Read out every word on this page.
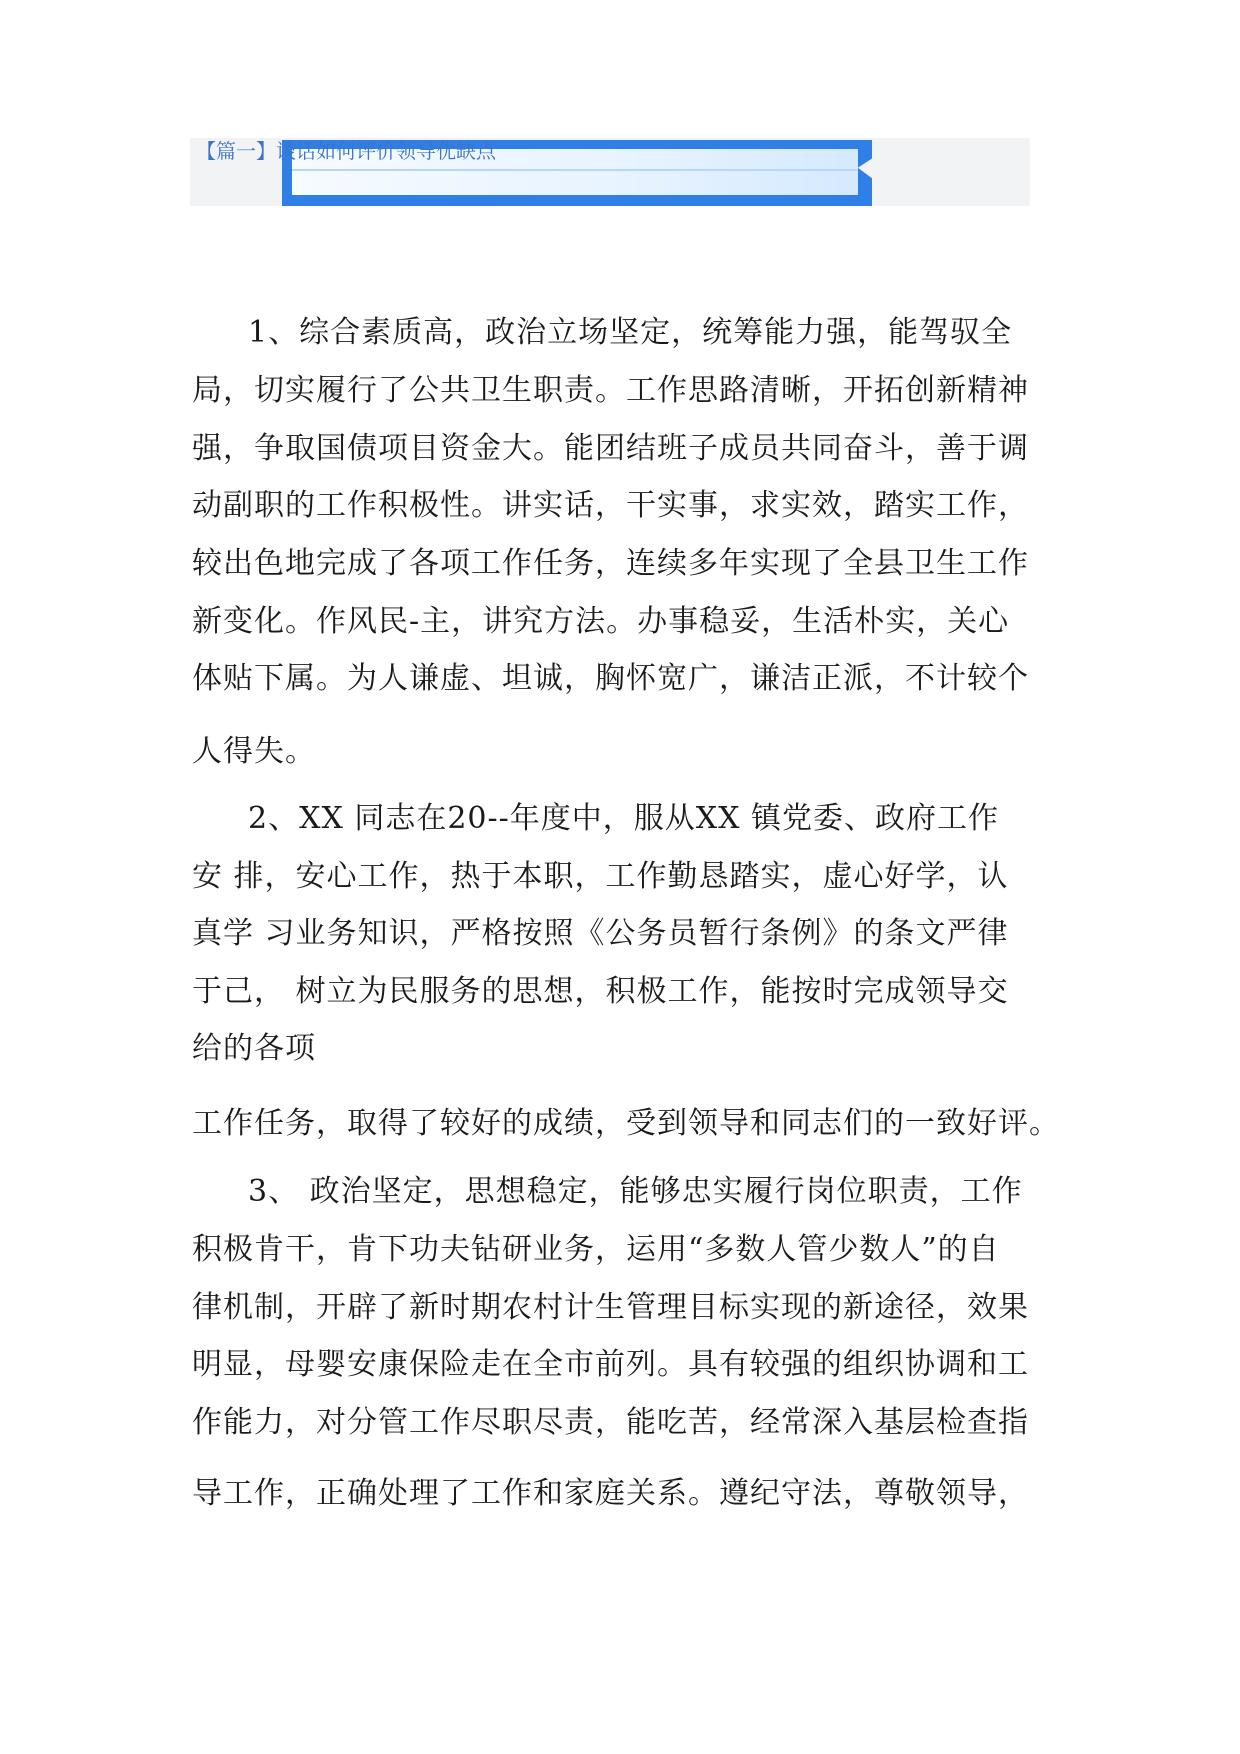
【篇一】谈话如何评价领导优缺点
1、综合素质高，政治立场坚定，统筹能力强，能驾驭全
局，切实履行了公共卫生职责。工作思路清晰，开拓创新精神
强，争取国债项目资金大。能团结班子成员共同奋斗，善于调
动副职的工作积极性。讲实话，干实事，求实效，踏实工作，
较出色地完成了各项工作任务，连续多年实现了全县卫生工作
新变化。作风民-主，讲究方法。办事稳妥，生活朴实，关心
体贴下属。为人谦虚、坦诚，胸怀宽广，谦洁正派，不计较个
人得失。
2、XX 同志在20--年度中，服从XX 镇党委、政府工作
安 排，安心工作，热于本职，工作勤恳踏实，虚心好学，认
真学 习业务知识，严格按照《公务员暂行条例》的条文严律
于己， 树立为民服务的思想，积极工作，能按时完成领导交
给的各项
工作任务，取得了较好的成绩，受到领导和同志们的一致好评。
3、 政治坚定，思想稳定，能够忠实履行岗位职责，工作
积极肯干，肯下功夫钻研业务，运用“多数人管少数人”的自
律机制，开辟了新时期农村计生管理目标实现的新途径，效果
明显，母婴安康保险走在全市前列。具有较强的组织协调和工
作能力，对分管工作尽职尽责，能吃苦，经常深入基层检查指
导工作，正确处理了工作和家庭关系。遵纪守法，尊敬领导，
